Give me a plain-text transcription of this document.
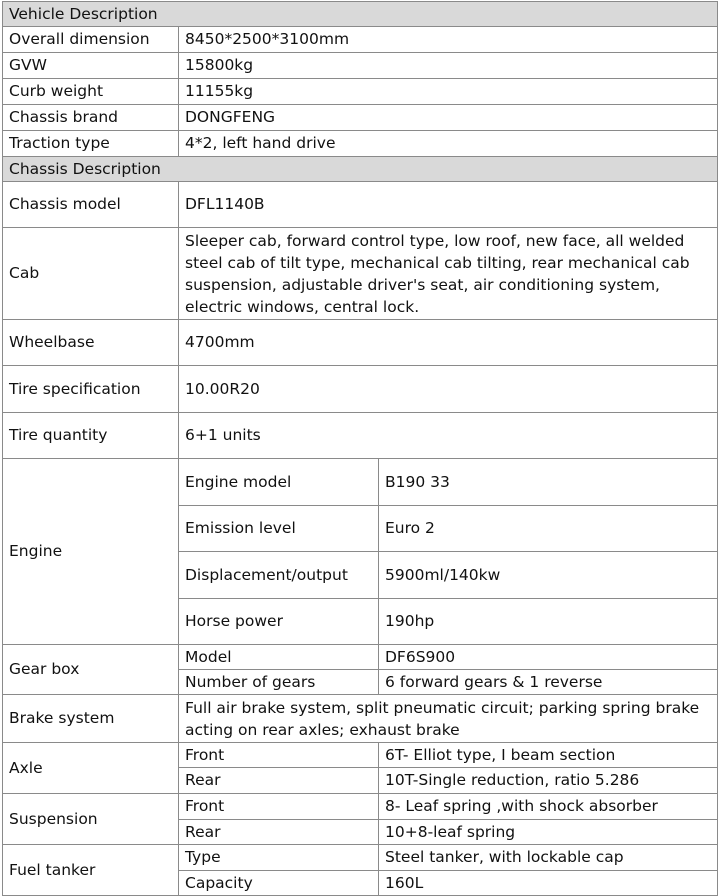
Vehicle Description		
Overall dimension	8450*2500*3100mm	
GVW	15800kg	
Curb weight	11155kg	
Chassis brand	DONGFENG	
Traction type	4*2, left hand drive	
Chassis Description		
Chassis model	DFL1140B	
Cab	Sleeper cab, forward control type, low roof, new face, all welded steel cab of tilt type, mechanical cab tilting, rear mechanical cab suspension, adjustable driver's seat, air conditioning system, electric windows, central lock.	
Wheelbase	4700mm	
Tire specification	10.00R20	
Tire quantity	6+1 units	
Engine	Engine model	B190 33
	Emission level	Euro 2
	Displacement/output	5900ml/140kw
	Horse power	190hp
Gear box	Model	DF6S900
	Number of gears	6 forward gears & 1 reverse
Brake system	Full air brake system, split pneumatic circuit; parking spring brake acting on rear axles; exhaust brake	
Axle	Front	6T- Elliot type, I beam section
	Rear	10T-Single reduction, ratio 5.286
Suspension	Front	8- Leaf spring ,with shock absorber
	Rear	10+8-leaf spring
Fuel tanker	Type	Steel tanker, with lockable cap
	Capacity	160L
